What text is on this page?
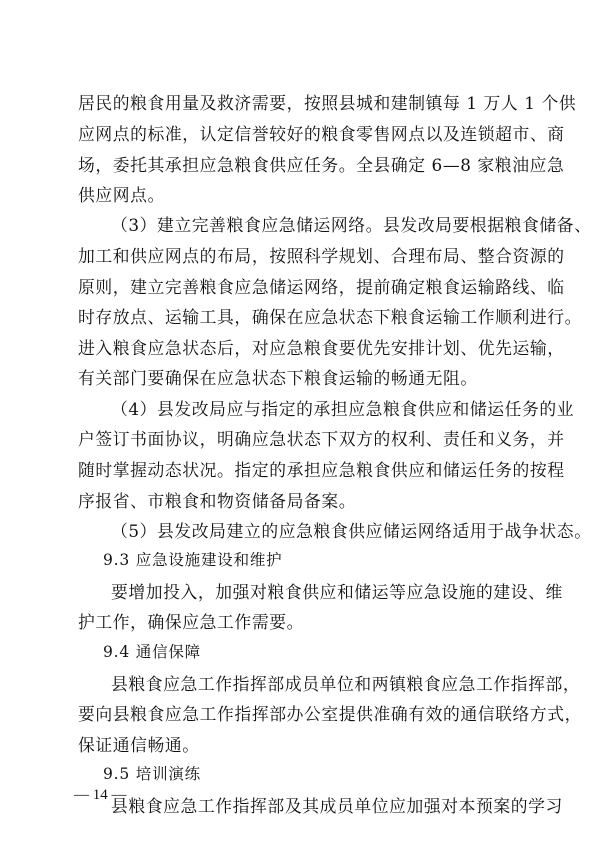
居民的粮食用量及救济需要，按照县城和建制镇每 1 万人 1 个供
应网点的标准，认定信誉较好的粮食零售网点以及连锁超市、商
场，委托其承担应急粮食供应任务。全县确定 6—8 家粮油应急
供应网点。
（3）建立完善粮食应急储运网络。县发改局要根据粮食储备、
加工和供应网点的布局，按照科学规划、合理布局、整合资源的
原则，建立完善粮食应急储运网络，提前确定粮食运输路线、临
时存放点、运输工具，确保在应急状态下粮食运输工作顺利进行。
进入粮食应急状态后，对应急粮食要优先安排计划、优先运输，
有关部门要确保在应急状态下粮食运输的畅通无阻。
（4）县发改局应与指定的承担应急粮食供应和储运任务的业
户签订书面协议，明确应急状态下双方的权利、责任和义务，并
随时掌握动态状况。指定的承担应急粮食供应和储运任务的按程
序报省、市粮食和物资储备局备案。
（5）县发改局建立的应急粮食供应储运网络适用于战争状态。
9.3 应急设施建设和维护
要增加投入，加强对粮食供应和储运等应急设施的建设、维
护工作，确保应急工作需要。
9.4 通信保障
县粮食应急工作指挥部成员单位和两镇粮食应急工作指挥部，
要向县粮食应急工作指挥部办公室提供准确有效的通信联络方式，
保证通信畅通。
9.5 培训演练
县粮食应急工作指挥部及其成员单位应加强对本预案的学习
— 14 —
